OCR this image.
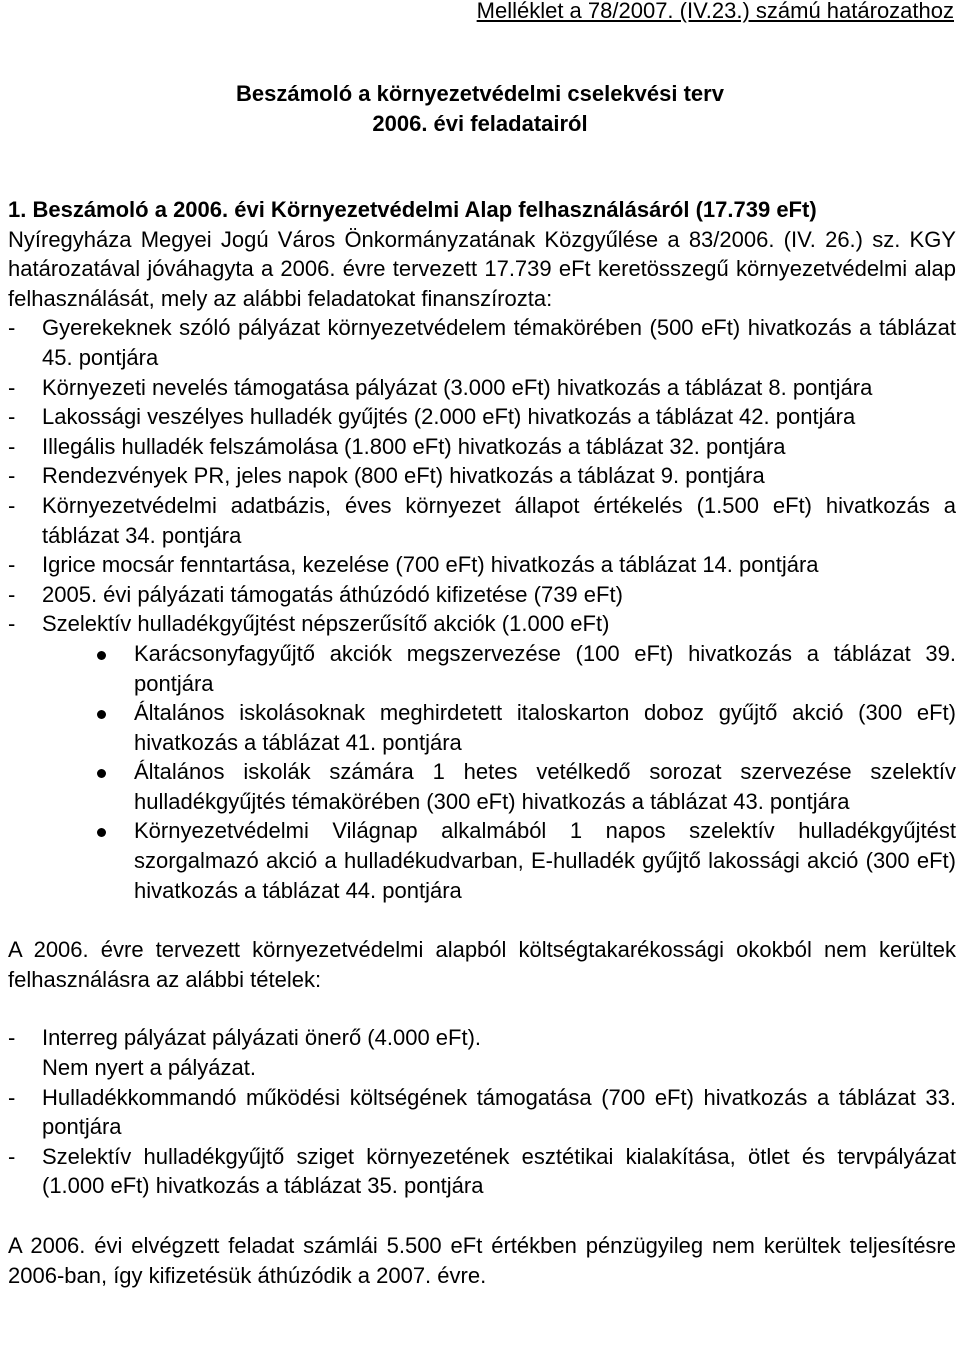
Melléklet a 78/2007. (IV.23.) számú határozathoz
Beszámoló a környezetvédelmi cselekvési terv
2006. évi feladatairól

1. Beszámoló a 2006. évi Környezetvédelmi Alap felhasználásáról (17.739 eFt)

Nyíregyháza Megyei Jogú Város Önkormányzatának Közgyűlése a 83/2006. (IV. 26.) sz. KGY határozatával jóváhagyta a 2006. évre tervezett 17.739 eFt keretösszegű környezetvédelmi alap felhasználását, mely az alábbi feladatokat finanszírozta:

- Gyerekeknek szóló pályázat környezetvédelem témakörében (500 eFt) hivatkozás a táblázat 45. pontjára

- Környezeti nevelés támogatása pályázat (3.000 eFt) hivatkozás a táblázat 8. pontjára

- Lakossági veszélyes hulladék gyűjtés (2.000 eFt) hivatkozás a táblázat 42. pontjára

- Illegális hulladék felszámolása (1.800 eFt) hivatkozás a táblázat 32. pontjára

- Rendezvények PR, jeles napok (800 eFt) hivatkozás a táblázat 9. pontjára

- Környezetvédelmi adatbázis, éves környezet állapot értékelés (1.500 eFt) hivatkozás a táblázat 34. pontjára

- Igrice mocsár fenntartása, kezelése (700 eFt) hivatkozás a táblázat 14. pontjára

- 2005. évi pályázati támogatás áthúzódó kifizetése (739 eFt)

- Szelektív hulladékgyűjtést népszerűsítő akciók (1.000 eFt)

Karácsonyfagyűjtő akciók megszervezése (100 eFt) hivatkozás a táblázat 39. pontjára

Általános iskolásoknak meghirdetett italoskarton doboz gyűjtő akció (300 eFt) hivatkozás a táblázat 41. pontjára

Általános iskolák számára 1 hetes vetélkedő sorozat szervezése szelektív hulladékgyűjtés témakörében (300 eFt) hivatkozás a táblázat 43. pontjára

Környezetvédelmi Világnap alkalmából 1 napos szelektív hulladékgyűjtést szorgalmazó akció a hulladékudvarban, E-hulladék gyűjtő lakossági akció (300 eFt) hivatkozás a táblázat 44. pontjára

A 2006. évre tervezett környezetvédelmi alapból költségtakarékossági okokból nem kerültek felhasználásra az alábbi tételek:

- Interreg pályázat pályázati önerő (4.000 eFt).
Nem nyert a pályázat.

- Hulladékkommandó működési költségének támogatása (700 eFt) hivatkozás a táblázat 33. pontjára

- Szelektív hulladékgyűjtő sziget környezetének esztétikai kialakítása, ötlet és tervpályázat (1.000 eFt) hivatkozás a táblázat 35. pontjára

A 2006. évi elvégzett feladat számlái 5.500 eFt értékben pénzügyileg nem kerültek teljesítésre 2006-ban, így kifizetésük áthúzódik a 2007. évre.
